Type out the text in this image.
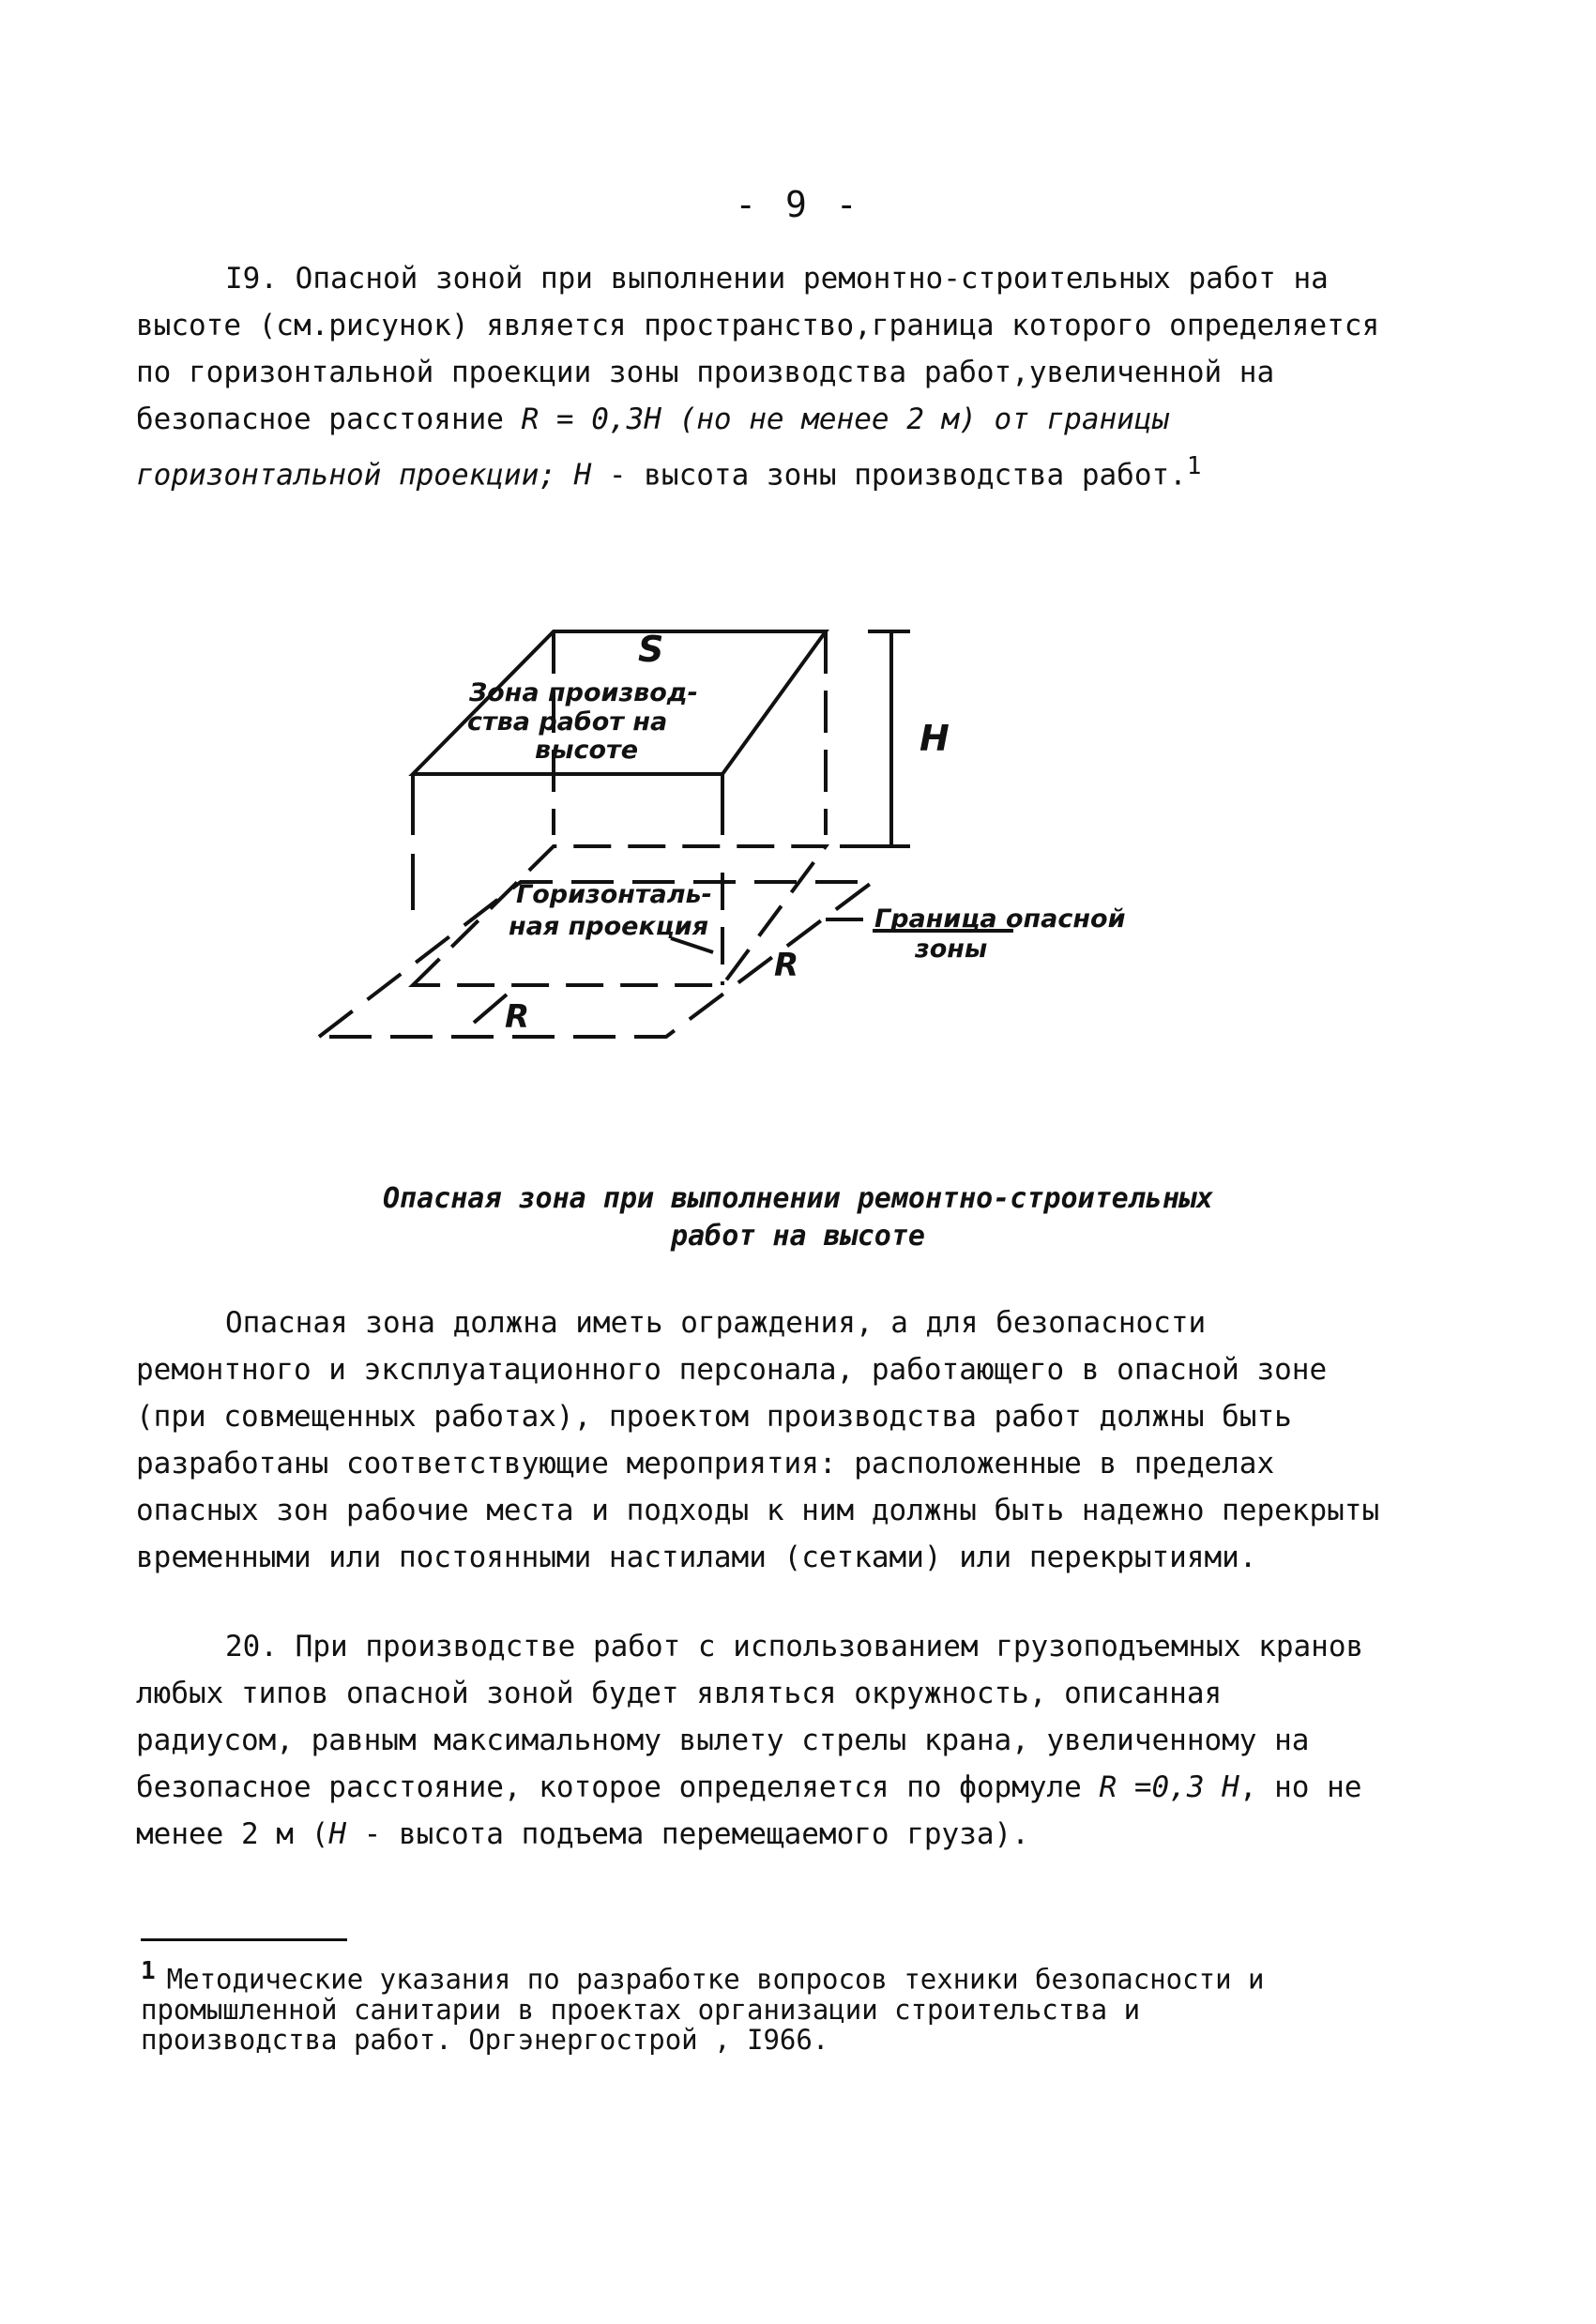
- 9 -
I9. Опасной зоной при выполнении ремонтно-строительных работ на высоте (см.рисунок) является пространство,граница которого определяется по горизонтальной проекции зоны производства работ,увеличенной на безопасное расстояние R = 0,3H (но не менее 2 м) от границы горизонтальной проекции; H - высота зоны производства работ.$^1$
S
Зона производ-
ства работ на
высоте	H
Горизонталь-
ная проекция	Граница опасной
зоны
R
R
Опасная зона при выполнении ремонтно-строительных
работ на высоте
Опасная зона должна иметь ограждения, а для безопасности ремонтного и эксплуатационного персонала, работающего в опасной зоне (при совмещенных работах), проектом производства работ должны быть разработаны соответствующие мероприятия: расположенные в пределах опасных зон рабочие места и подходы к ним должны быть надежно перекрыты временными или постоянными настилами (сетками) или перекрытиями.
20. При производстве работ с использованием грузоподъемных кранов любых типов опасной зоной будет являться окружность, описанная радиусом, равным максимальному вылету стрелы крана, увеличенному на безопасное расстояние, которое определяется по формуле R =0,3 H, но не менее 2 м (H - высота подъема перемещаемого груза).
$^1$ Методические указания по разработке вопросов техники безопасности и промышленной санитарии в проектах организации строительства и производства работ. Оргэнергострой , I966.
